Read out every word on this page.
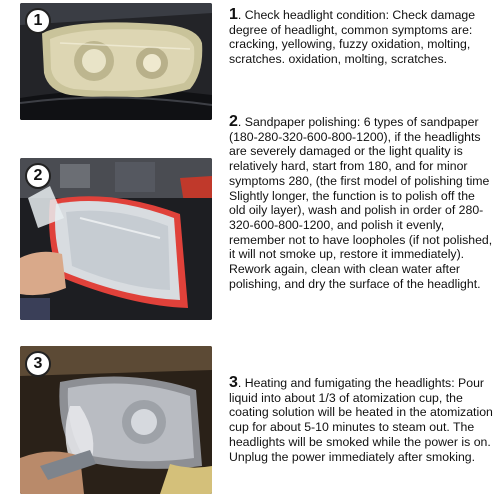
1
2
3
1. Check headlight condition: Check damage degree of headlight, common symptoms are: cracking, yellowing, fuzzy oxidation, molting, scratches. oxidation, molting, scratches.
2. Sandpaper polishing: 6 types of sandpaper (180-280-320-600-800-1200), if the headlights are severely damaged or the light quality is relatively hard, start from 180, and for minor symptoms 280, (the first model of polishing time Slightly longer, the function is to polish off the old oily layer), wash and polish in order of 280-320-600-800-1200, and polish it evenly, remember not to have loopholes (if not polished, it will not smoke up, restore it immediately). Rework again, clean with clean water after polishing, and dry the surface of the headlight.
3. Heating and fumigating the headlights: Pour liquid into about 1/3 of atomization cup, the coating solution will be heated in the atomization cup for about 5-10 minutes to steam out. The headlights will be smoked while the power is on. Unplug the power immediately after smoking.
